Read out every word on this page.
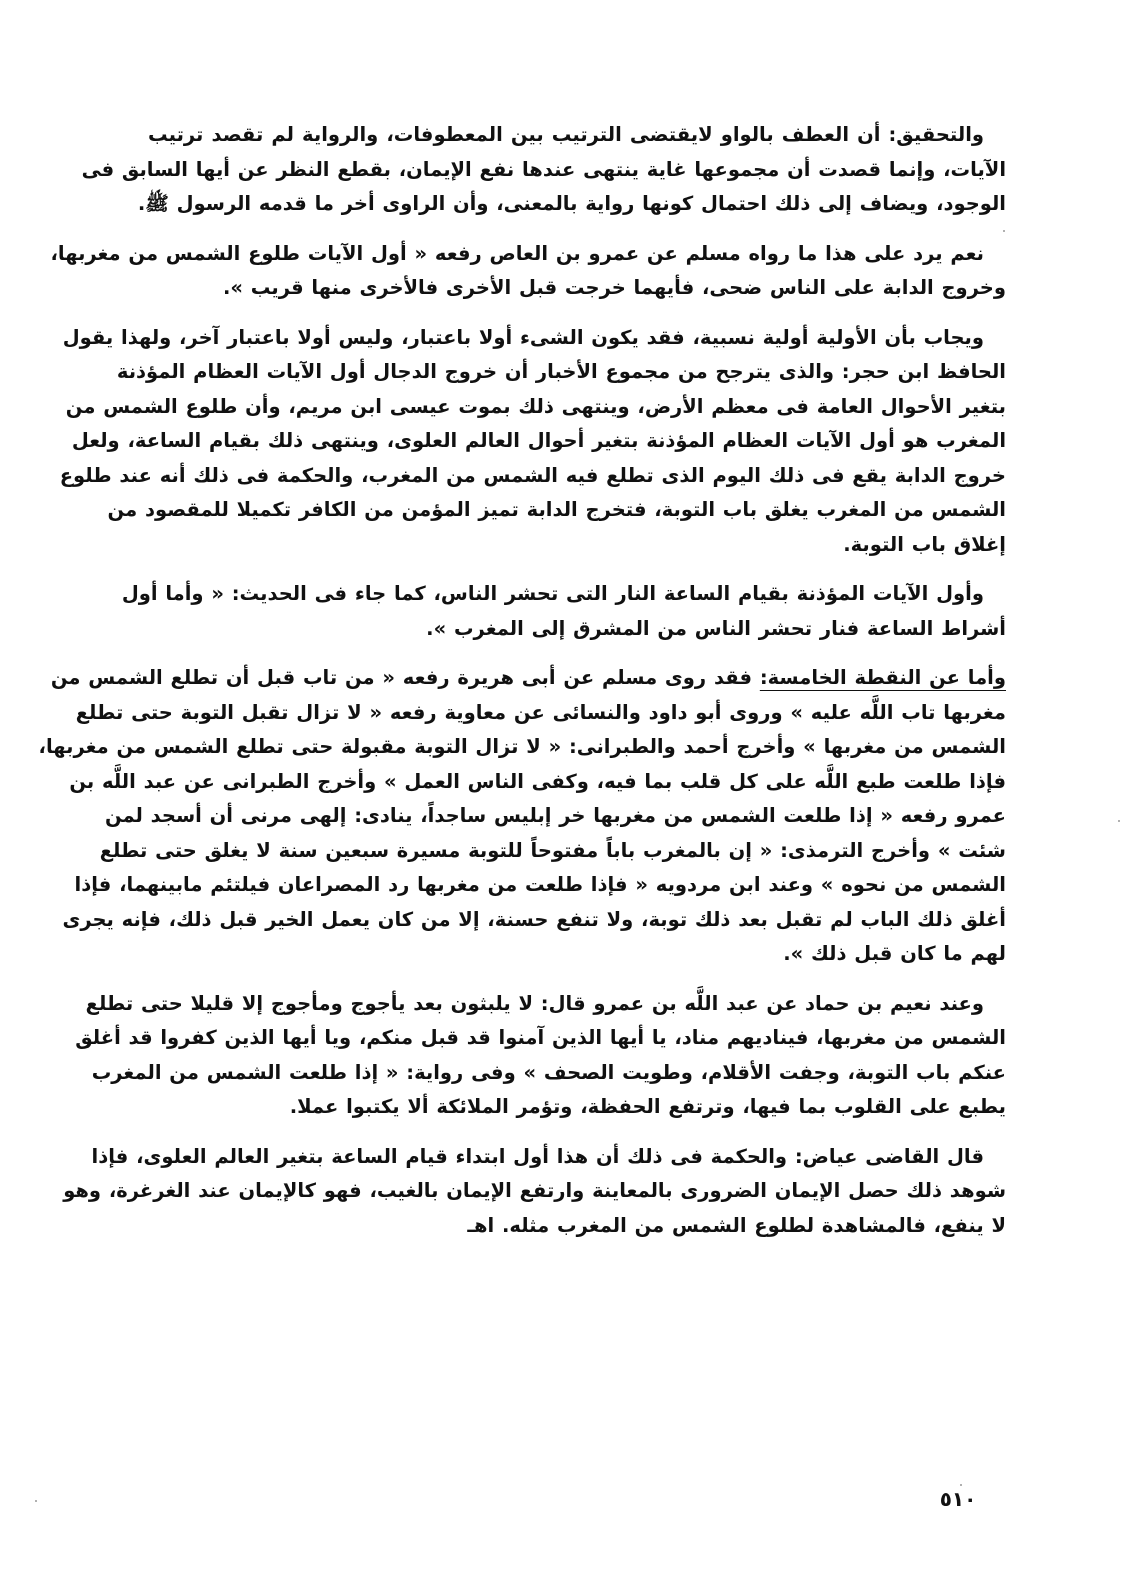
والتحقيق: أن العطف بالواو لايقتضى الترتيب بين المعطوفات، والرواية لم تقصد ترتيب
الآيات، وإنما قصدت أن مجموعها غاية ينتهى عندها نفع الإيمان، بقطع النظر عن أيها السابق فى
الوجود، ويضاف إلى ذلك احتمال كونها رواية بالمعنى، وأن الراوى أخر ما قدمه الرسول ﷺ.

نعم يرد على هذا ما رواه مسلم عن عمرو بن العاص رفعه « أول الآيات طلوع الشمس من مغربها،
وخروج الدابة على الناس ضحى، فأيهما خرجت قبل الأخرى فالأخرى منها قريب ».

ويجاب بأن الأولية أولية نسبية، فقد يكون الشىء أولا باعتبار، وليس أولا باعتبار آخر، ولهذا يقول
الحافظ ابن حجر: والذى يترجح من مجموع الأخبار أن خروج الدجال أول الآيات العظام المؤذنة
بتغير الأحوال العامة فى معظم الأرض، وينتهى ذلك بموت عيسى ابن مريم، وأن طلوع الشمس من
المغرب هو أول الآيات العظام المؤذنة بتغير أحوال العالم العلوى، وينتهى ذلك بقيام الساعة، ولعل
خروج الدابة يقع فى ذلك اليوم الذى تطلع فيه الشمس من المغرب، والحكمة فى ذلك أنه عند طلوع
الشمس من المغرب يغلق باب التوبة، فتخرج الدابة تميز المؤمن من الكافر تكميلا للمقصود من
إغلاق باب التوبة.

وأول الآيات المؤذنة بقيام الساعة النار التى تحشر الناس، كما جاء فى الحديث: « وأما أول
أشراط الساعة فنار تحشر الناس من المشرق إلى المغرب ».

وأما عن النقطة الخامسة: فقد روى مسلم عن أبى هريرة رفعه « من تاب قبل أن تطلع الشمس من
مغربها تاب اللَّه عليه » وروى أبو داود والنسائى عن معاوية رفعه « لا تزال تقبل التوبة حتى تطلع
الشمس من مغربها » وأخرج أحمد والطبرانى: « لا تزال التوبة مقبولة حتى تطلع الشمس من مغربها،
فإذا طلعت طبع اللَّه على كل قلب بما فيه، وكفى الناس العمل » وأخرج الطبرانى عن عبد اللَّه بن
عمرو رفعه « إذا طلعت الشمس من مغربها خر إبليس ساجداً، ينادى: إلهى مرنى أن أسجد لمن
شئت » وأخرج الترمذى: « إن بالمغرب باباً مفتوحاً للتوبة مسيرة سبعين سنة لا يغلق حتى تطلع
الشمس من نحوه » وعند ابن مردويه « فإذا طلعت من مغربها رد المصراعان فيلتئم مابينهما، فإذا
أغلق ذلك الباب لم تقبل بعد ذلك توبة، ولا تنفع حسنة، إلا من كان يعمل الخير قبل ذلك، فإنه يجرى
لهم ما كان قبل ذلك ».

وعند نعيم بن حماد عن عبد اللَّه بن عمرو قال: لا يلبثون بعد يأجوج ومأجوج إلا قليلا حتى تطلع
الشمس من مغربها، فيناديهم مناد، يا أيها الذين آمنوا قد قبل منكم، ويا أيها الذين كفروا قد أغلق
عنكم باب التوبة، وجفت الأقلام، وطويت الصحف » وفى رواية: « إذا طلعت الشمس من المغرب
يطبع على القلوب بما فيها، وترتفع الحفظة، وتؤمر الملائكة ألا يكتبوا عملا.

قال القاضى عياض: والحكمة فى ذلك أن هذا أول ابتداء قيام الساعة بتغير العالم العلوى، فإذا
شوهد ذلك حصل الإيمان الضرورى بالمعاينة وارتفع الإيمان بالغيب، فهو كالإيمان عند الغرغرة، وهو
لا ينفع، فالمشاهدة لطلوع الشمس من المغرب مثله. اهـ

٥١٠
